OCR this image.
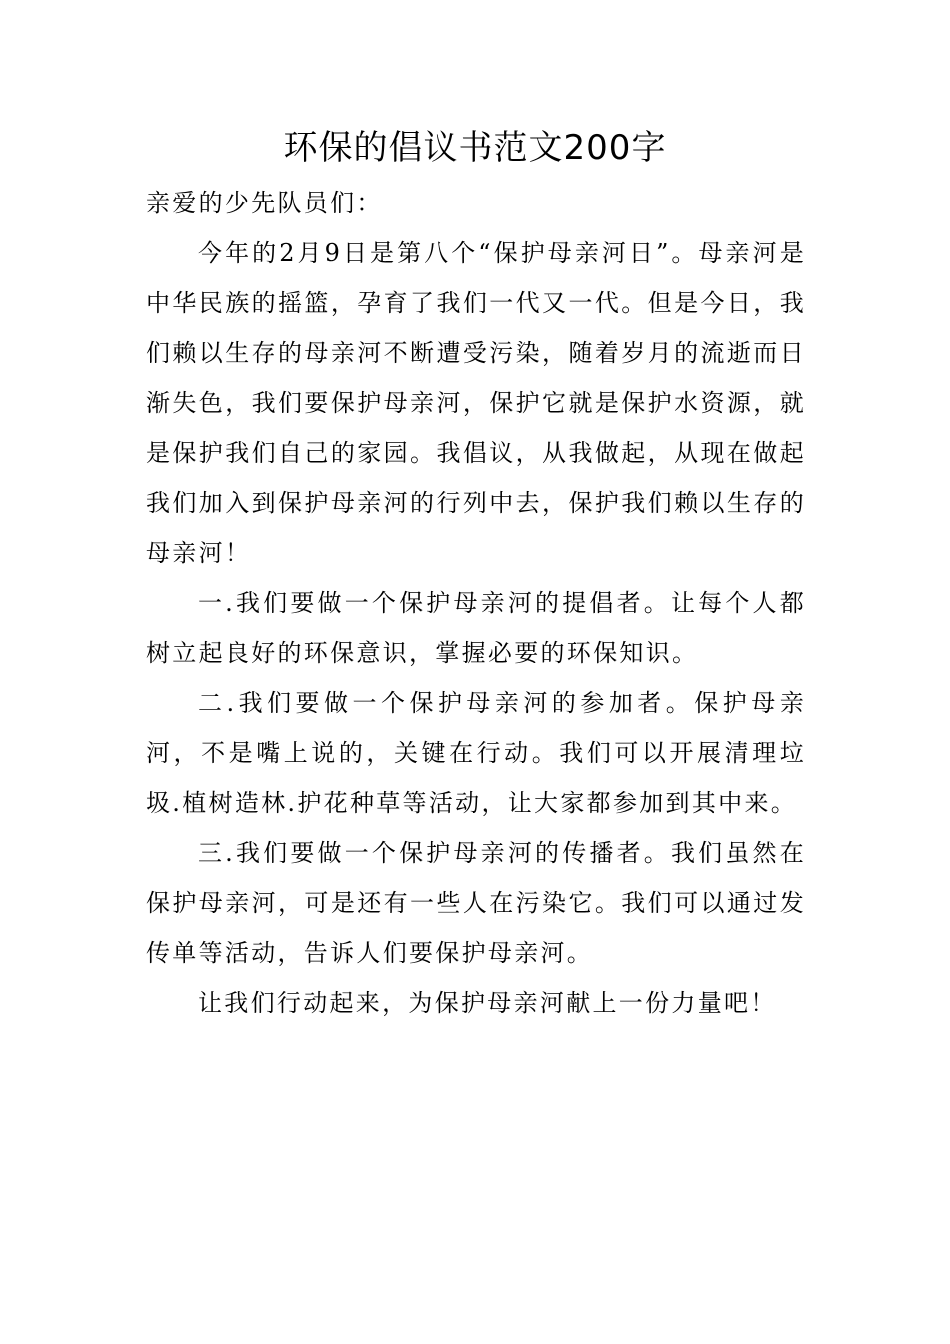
环保的倡议书范文200字

亲爱的少先队员们：

今年的2月9日是第八个“保护母亲河日”。母亲河是中华民族的摇篮，孕育了我们一代又一代。但是今日，我们赖以生存的母亲河不断遭受污染，随着岁月的流逝而日渐失色，我们要保护母亲河，保护它就是保护水资源，就是保护我们自己的家园。我倡议，从我做起，从现在做起我们加入到保护母亲河的行列中去，保护我们赖以生存的母亲河！

一.我们要做一个保护母亲河的提倡者。让每个人都树立起良好的环保意识，掌握必要的环保知识。

二.我们要做一个保护母亲河的参加者。保护母亲河，不是嘴上说的，关键在行动。我们可以开展清理垃圾.植树造林.护花种草等活动，让大家都参加到其中来。

三.我们要做一个保护母亲河的传播者。我们虽然在保护母亲河，可是还有一些人在污染它。我们可以通过发传单等活动，告诉人们要保护母亲河。

让我们行动起来，为保护母亲河献上一份力量吧！
